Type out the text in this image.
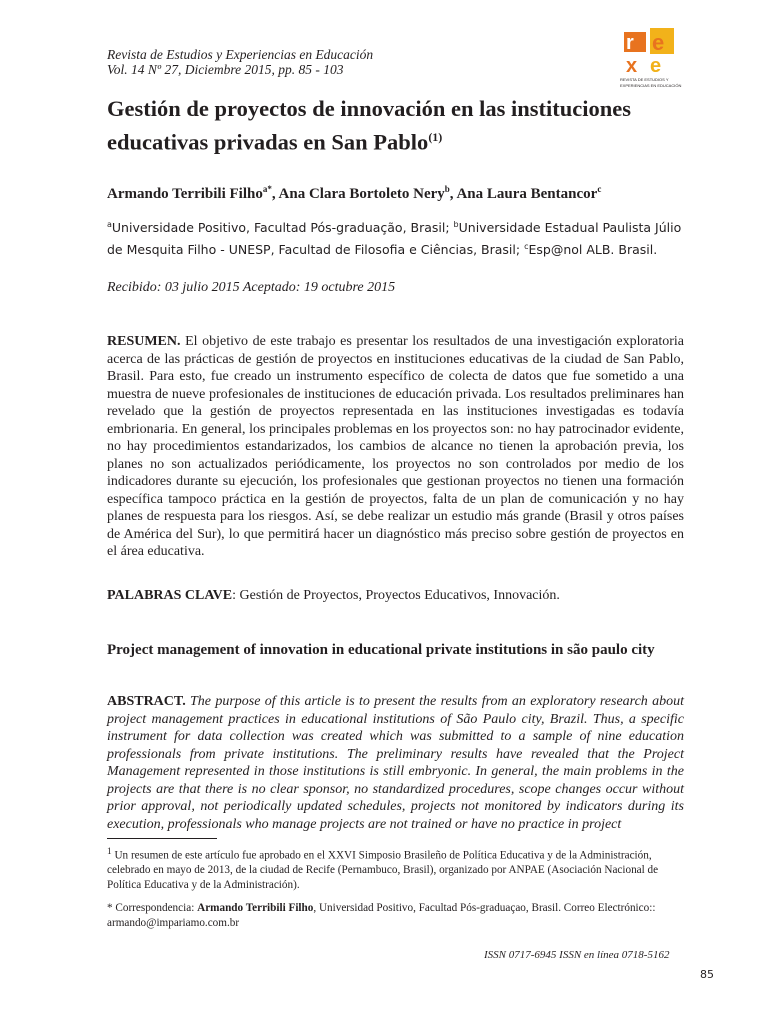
Revista de Estudios y Experiencias en Educación
Vol. 14 Nº 27, Diciembre 2015, pp. 85 - 103
r e
x e
REVISTA DE ESTUDIOS Y
EXPERIENCIAS EN EDUCACIÓN
Gestión de proyectos de innovación en las instituciones educativas privadas en San Pablo$^{(1)}$
Armando Terribili Filho$^{a*}$, Ana Clara Bortoleto Nery$^b$, Ana Laura Bentancor$^c$
$^a$Universidade Positivo, Facultad Pós-graduação, Brasil; $^b$Universidade Estadual Paulista Júlio de Mesquita Filho - UNESP, Facultad de Filosofia e Ciências, Brasil; $^c$Esp@nol ALB. Brasil.
Recibido: 03 julio 2015 Aceptado: 19 octubre 2015

RESUMEN. El objetivo de este trabajo es presentar los resultados de una investigación exploratoria acerca de las prácticas de gestión de proyectos en instituciones educativas de la ciudad de San Pablo, Brasil. Para esto, fue creado un instrumento específico de colecta de datos que fue sometido a una muestra de nueve profesionales de instituciones de educación privada. Los resultados preliminares han revelado que la gestión de proyectos representada en las instituciones investigadas es todavía embrionaria. En general, los principales problemas en los proyectos son: no hay patrocinador evidente, no hay procedimientos estandarizados, los cambios de alcance no tienen la aprobación previa, los planes no son actualizados periódicamente, los proyectos no son controlados por medio de los indicadores durante su ejecución, los profesionales que gestionan proyectos no tienen una formación específica tampoco práctica en la gestión de proyectos, falta de un plan de comunicación y no hay planes de respuesta para los riesgos. Así, se debe realizar un estudio más grande (Brasil y otros países de América del Sur), lo que permitirá hacer un diagnóstico más preciso sobre gestión de proyectos en el área educativa.

PALABRAS CLAVE: Gestión de Proyectos, Proyectos Educativos, Innovación.
Project management of innovation in educational private institutions in são paulo city

ABSTRACT. The purpose of this article is to present the results from an exploratory research about project management practices in educational institutions of São Paulo city, Brazil. Thus, a specific instrument for data collection was created which was submitted to a sample of nine education professionals from private institutions. The preliminary results have revealed that the Project Management represented in those institutions is still embryonic. In general, the main problems in the projects are that there is no clear sponsor, no standardized procedures, scope changes occur without prior approval, not periodically updated schedules, projects not monitored by indicators during its execution, professionals who manage projects are not trained or have no practice in project

$^1$ Un resumen de este artículo fue aprobado en el XXVI Simposio Brasileño de Política Educativa y de la Administración, celebrado en mayo de 2013, de la ciudad de Recife (Pernambuco, Brasil), organizado por ANPAE (Asociación Nacional de Política Educativa y de la Administración).
* Correspondencia: Armando Terribili Filho, Universidad Positivo, Facultad Pós-graduaçao, Brasil. Correo Electrónico:: armando@impariamo.com.br
ISSN 0717-6945 ISSN en línea 0718-5162
85
